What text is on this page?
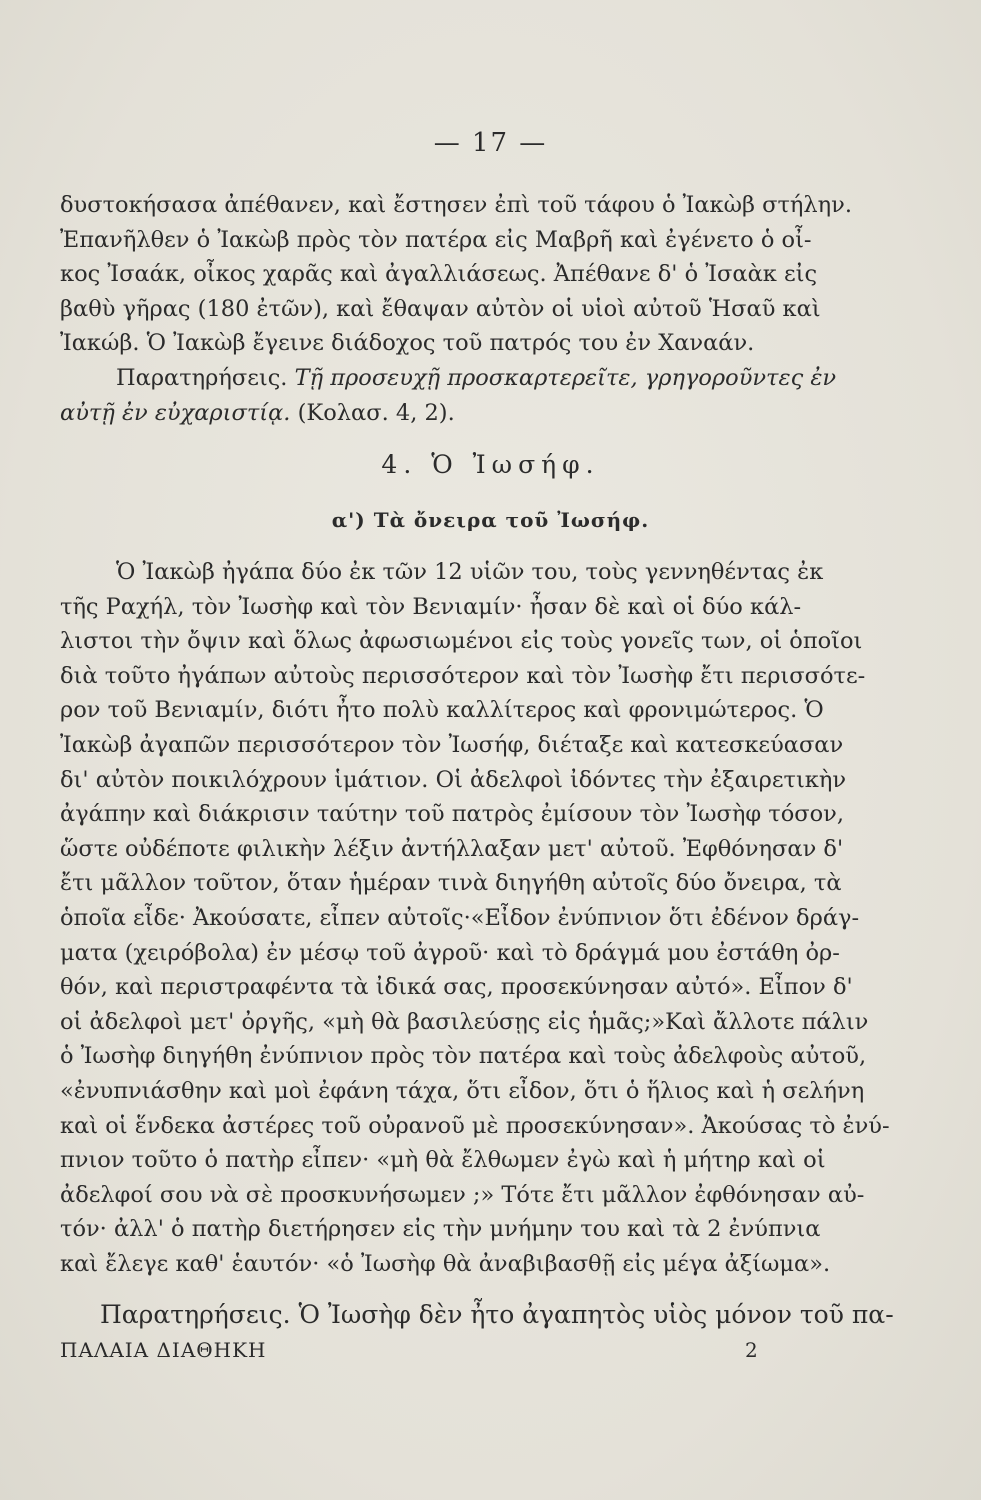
— 17 —
δυστοκήσασα ἀπέθανεν, καὶ ἔστησεν ἐπὶ τοῦ τάφου ὁ Ἰακὼβ στήλην.
Ἐπανῆλθεν ὁ Ἰακὼβ πρὸς τὸν πατέρα εἰς Μαβρῆ καὶ ἐγένετο ὁ οἶ-
κος Ἰσαάκ, οἶκος χαρᾶς καὶ ἀγαλλιάσεως. Ἀπέθανε δ' ὁ Ἰσαὰκ εἰς
βαθὺ γῆρας (180 ἐτῶν), καὶ ἔθαψαν αὐτὸν οἱ υἱοὶ αὐτοῦ Ἡσαῦ καὶ
Ἰακώβ. Ὁ Ἰακὼβ ἔγεινε διάδοχος τοῦ πατρός του ἐν Χαναάν.
Παρατηρήσεις. Τῇ προσευχῇ προσκαρτερεῖτε, γρηγοροῦντες ἐν
αὐτῇ ἐν εὐχαριστίᾳ. (Κολασ. 4, 2).
4. Ὁ Ἰωσήφ.
α') Τὰ ὄνειρα τοῦ Ἰωσήφ.
Ὁ Ἰακὼβ ἠγάπα δύο ἐκ τῶν 12 υἱῶν του, τοὺς γεννηθέντας ἐκ
τῆς Ραχήλ, τὸν Ἰωσὴφ καὶ τὸν Βενιαμίν· ἦσαν δὲ καὶ οἱ δύο κάλ-
λιστοι τὴν ὄψιν καὶ ὅλως ἀφωσιωμένοι εἰς τοὺς γονεῖς των, οἱ ὁποῖοι
διὰ τοῦτο ἠγάπων αὐτοὺς περισσότερον καὶ τὸν Ἰωσὴφ ἔτι περισσότε-
ρον τοῦ Βενιαμίν, διότι ἦτο πολὺ καλλίτερος καὶ φρονιμώτερος. Ὁ
Ἰακὼβ ἀγαπῶν περισσότερον τὸν Ἰωσήφ, διέταξε καὶ κατεσκεύασαν
δι' αὐτὸν ποικιλόχρουν ἱμάτιον. Οἱ ἀδελφοὶ ἰδόντες τὴν ἐξαιρετικὴν
ἀγάπην καὶ διάκρισιν ταύτην τοῦ πατρὸς ἐμίσουν τὸν Ἰωσὴφ τόσον,
ὥστε οὐδέποτε φιλικὴν λέξιν ἀντήλλαξαν μετ' αὐτοῦ. Ἐφθόνησαν δ'
ἔτι μᾶλλον τοῦτον, ὅταν ἡμέραν τινὰ διηγήθη αὐτοῖς δύο ὄνειρα, τὰ
ὁποῖα εἶδε· Ἀκούσατε, εἶπεν αὐτοῖς·«Εἶδον ἐνύπνιον ὅτι ἐδένον δράγ-
ματα (χειρόβολα) ἐν μέσῳ τοῦ ἀγροῦ· καὶ τὸ δράγμά μου ἐστάθη ὀρ-
θόν, καὶ περιστραφέντα τὰ ἰδικά σας, προσεκύνησαν αὐτό». Εἶπον δ'
οἱ ἀδελφοὶ μετ' ὀργῆς, «μὴ θὰ βασιλεύσῃς εἰς ἡμᾶς;»Καὶ ἄλλοτε πάλιν
ὁ Ἰωσὴφ διηγήθη ἐνύπνιον πρὸς τὸν πατέρα καὶ τοὺς ἀδελφοὺς αὐτοῦ,
«ἐνυπνιάσθην καὶ μοὶ ἐφάνη τάχα, ὅτι εἶδον, ὅτι ὁ ἥλιος καὶ ἡ σελήνη
καὶ οἱ ἕνδεκα ἀστέρες τοῦ οὐρανοῦ μὲ προσεκύνησαν». Ἀκούσας τὸ ἐνύ-
πνιον τοῦτο ὁ πατὴρ εἶπεν· «μὴ θὰ ἔλθωμεν ἐγὼ καὶ ἡ μήτηρ καὶ οἱ
ἀδελφοί σου νὰ σὲ προσκυνήσωμεν ;» Τότε ἔτι μᾶλλον ἐφθόνησαν αὐ-
τόν· ἀλλ' ὁ πατὴρ διετήρησεν εἰς τὴν μνήμην του καὶ τὰ 2 ἐνύπνια
καὶ ἔλεγε καθ' ἑαυτόν· «ὁ Ἰωσὴφ θὰ ἀναβιβασθῇ εἰς μέγα ἀξίωμα».
Παρατηρήσεις. Ὁ Ἰωσὴφ δὲν ἦτο ἀγαπητὸς υἱὸς μόνον τοῦ πα-
ΠΑΛΑΙΑ ΔΙΑΘΗΚΗ	2
